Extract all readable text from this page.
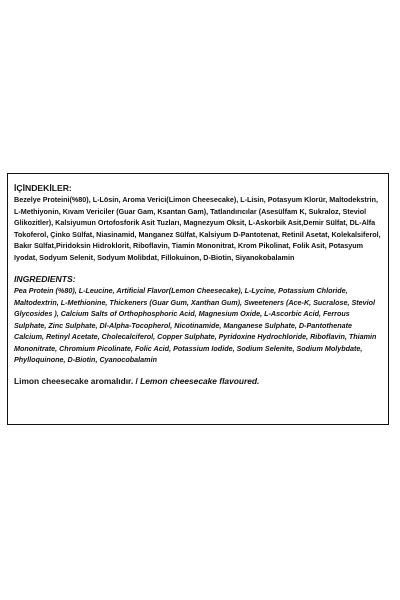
İÇİNDEKİLER:

Bezelye Proteini(%80), L-Lösin, Aroma Verici(Limon Cheesecake), L-Lisin, Potasyum Klorür, Maltodekstrin, L-Methiyonin, Kıvam Vericiler (Guar Gam, Ksantan Gam), Tatlandırıcılar (Asesülfam K, Sukraloz, Steviol Glikozitler), Kalsiyumun Ortofosforik Asit Tuzları, Magnezyum Oksit, L-Askorbik Asit,Demir Sülfat, DL-Alfa Tokoferol, Çinko Sülfat, Niasinamid, Manganez Sülfat, Kalsiyum D-Pantotenat, Retinil Asetat, Kolekalsiferol, Bakır Sülfat,Piridoksin Hidroklorit, Riboflavin, Tiamin Mononitrat, Krom Pikolinat, Folik Asit, Potasyum Iyodat, Sodyum Selenit, Sodyum Molibdat, Fillokuinon, D-Biotin, Siyanokobalamin

INGREDIENTS:

Pea Protein (%80), L-Leucine, Artificial Flavor(Lemon Cheesecake), L-Lycine, Potassium Chloride, Maltodextrin, L-Methionine, Thickeners (Guar Gum, Xanthan Gum), Sweeteners (Ace-K, Sucralose, Steviol Glycosides ), Calcium Salts of Orthophosphoric Acid, Magnesium Oxide, L-Ascorbic Acid, Ferrous Sulphate, Zinc Sulphate, Dl-Alpha-Tocopherol, Nicotinamide, Manganese Sulphate, D-Pantothenate Calcium, Retinyl Acetate, Cholecalciferol, Copper Sulphate, Pyridoxine Hydrochloride, Riboflavin, Thiamin Mononitrate, Chromium Picolinate, Folic Acid, Potassium Iodide, Sodium Selenite, Sodium Molybdate, Phylloquinone, D-Biotin, Cyanocobalamin

Limon cheesecake aromalıdır. / Lemon cheesecake flavoured.
